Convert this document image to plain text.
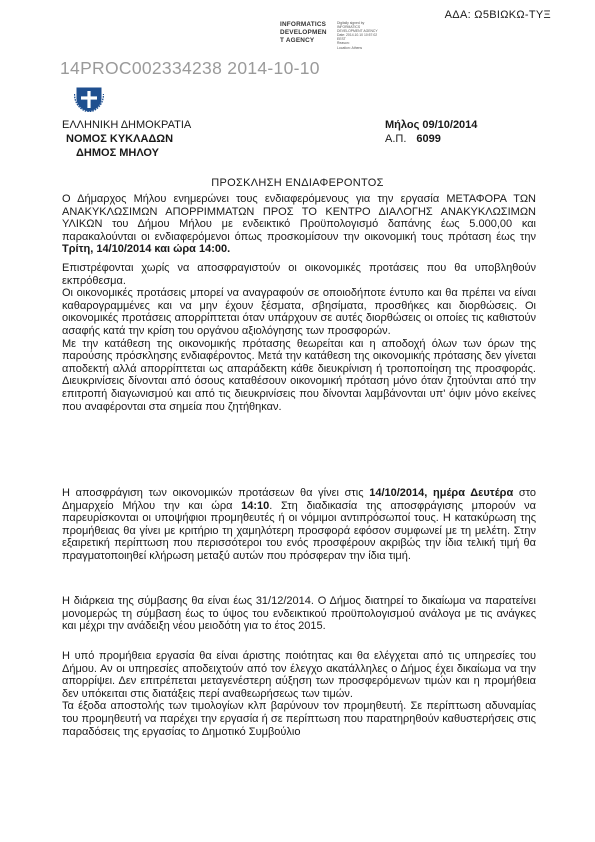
ΑΔΑ: Ω5ΒΙΩΚΩ-ΤΥΞ
INFORMATICS
DEVELOPMEN
T AGENCY
Digitally signed by
INFORMATICS
DEVELOPMENT AGENCY
Date: 2014.10.10 10:57:02
EEST
Reason:
Location: Athens
14PROC002334238 2014-10-10
ΕΛΛΗΝΙΚΗ ΔΗΜΟΚΡΑΤΙΑ
ΝΟΜΟΣ ΚΥΚΛΑΔΩΝ
ΔΗΜΟΣ ΜΗΛΟΥ
Μήλος 09/10/2014
Α.Π. 6099
ΠΡΟΣΚΛΗΣΗ ΕΝΔΙΑΦΕΡΟΝΤΟΣ

Ο Δήμαρχος Μήλου ενημερώνει τους ενδιαφερόμενους για την εργασία ΜΕΤΑΦΟΡΑ ΤΩΝ ΑΝΑΚΥΚΛΩΣΙΜΩΝ ΑΠΟΡΡΙΜΜΑΤΩΝ ΠΡΟΣ ΤΟ ΚΕΝΤΡΟ ΔΙΑΛΟΓΗΣ ΑΝΑΚΥΚΛΩΣΙΜΩΝ ΥΛΙΚΩΝ του Δήμου Μήλου με ενδεικτικό Προϋπολογισμό δαπάνης έως 5.000,00 και παρακαλούνται οι ενδιαφερόμενοι όπως προσκομίσουν την οικονομική τους πρόταση έως την Τρίτη, 14/10/2014 και ώρα 14:00.

Επιστρέφονται χωρίς να αποσφραγιστούν οι οικονομικές προτάσεις που θα υποβληθούν εκπρόθεσμα.

Οι οικονομικές προτάσεις μπορεί να αναγραφούν σε οποιοδήποτε έντυπο και θα πρέπει να είναι καθαρογραμμένες και να μην έχουν ξέσματα, σβησίματα, προσθήκες και διορθώσεις. Οι οικονομικές προτάσεις απορρίπτεται όταν υπάρχουν σε αυτές διορθώσεις οι οποίες τις καθιστούν ασαφής κατά την κρίση του οργάνου αξιολόγησης των προσφορών.

Με την κατάθεση της οικονομικής πρότασης θεωρείται και η αποδοχή όλων των όρων της παρούσης πρόσκλησης ενδιαφέροντος. Μετά την κατάθεση της οικονομικής πρότασης δεν γίνεται αποδεκτή αλλά απορρίπτεται ως απαράδεκτη κάθε διευκρίνιση ή τροποποίηση της προσφοράς. Διευκρινίσεις δίνονται από όσους καταθέσουν οικονομική πρόταση μόνο όταν ζητούνται από την επιτροπή διαγωνισμού και από τις διευκρινίσεις που δίνονται λαμβάνονται υπ' όψιν μόνο εκείνες που αναφέρονται στα σημεία που ζητήθηκαν.

Η αποσφράγιση των οικονομικών προτάσεων θα γίνει στις 14/10/2014, ημέρα Δευτέρα στο Δημαρχείο Μήλου την και ώρα 14:10. Στη διαδικασία της αποσφράγισης μπορούν να παρευρίσκονται οι υποψήφιοι προμηθευτές ή οι νόμιμοι αντιπρόσωποί τους. Η κατακύρωση της προμήθειας θα γίνει με κριτήριο τη χαμηλότερη προσφορά εφόσον συμφωνεί με τη μελέτη. Στην εξαιρετική περίπτωση που περισσότεροι του ενός προσφέρουν ακριβώς την ίδια τελική τιμή θα πραγματοποιηθεί κλήρωση μεταξύ αυτών που πρόσφεραν την ίδια τιμή.

Η διάρκεια της σύμβασης θα είναι έως 31/12/2014. Ο Δήμος διατηρεί το δικαίωμα να παρατείνει μονομερώς τη σύμβαση έως το ύψος του ενδεικτικού προϋπολογισμού ανάλογα με τις ανάγκες και μέχρι την ανάδειξη νέου μειοδότη για το έτος 2015.

Η υπό προμήθεια εργασία θα είναι άριστης ποιότητας και θα ελέγχεται από τις υπηρεσίες του Δήμου. Αν οι υπηρεσίες αποδειχτούν από τον έλεγχο ακατάλληλες ο Δήμος έχει δικαίωμα να την απορρίψει. Δεν επιτρέπεται μεταγενέστερη αύξηση των προσφερόμενων τιμών και η προμήθεια δεν υπόκειται στις διατάξεις περί αναθεωρήσεως των τιμών.

Τα έξοδα αποστολής των τιμολογίων κλπ βαρύνουν τον προμηθευτή. Σε περίπτωση αδυναμίας του προμηθευτή να παρέχει την εργασία ή σε περίπτωση που παρατηρηθούν καθυστερήσεις στις παραδόσεις της εργασίας το Δημοτικό Συμβούλιο
